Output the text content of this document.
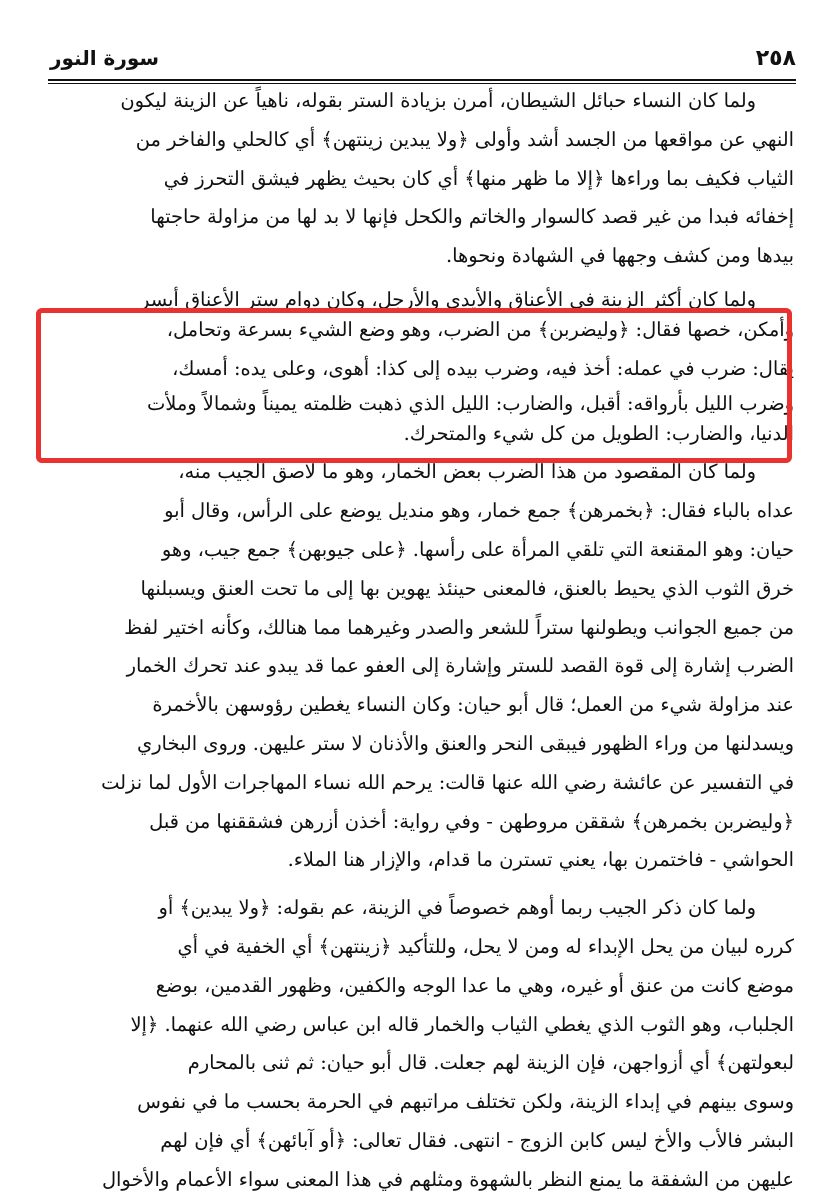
٢٥٨
سورة النور
ولما كان النساء حبائل الشيطان، أمرن بزيادة الستر بقوله، ناهياً عن الزينة ليكون
النهي عن مواقعها من الجسد أشد وأولى ﴿ولا يبدين زينتهن﴾ أي كالحلي والفاخر من
الثياب فكيف بما وراءها ﴿إلا ما ظهر منها﴾ أي كان بحيث يظهر فيشق التحرز في
إخفائه فبدا من غير قصد كالسوار والخاتم والكحل فإنها لا بد لها من مزاولة حاجتها
بيدها ومن كشف وجهها في الشهادة ونحوها.
ولما كان أكثر الزينة في الأعناق والأيدي والأرجل، وكان دوام ستر الأعناق أيسر
وأمكن، خصها فقال: ﴿وليضربن﴾ من الضرب، وهو وضع الشيء بسرعة وتحامل،
يقال: ضرب في عمله: أخذ فيه، وضرب بيده إلى كذا: أهوى، وعلى يده: أمسك،
وضرب الليل بأرواقه: أقبل، والضارب: الليل الذي ذهبت ظلمته يميناً وشمالاً وملأت
الدنيا، والضارب: الطويل من كل شيء والمتحرك.
ولما كان المقصود من هذا الضرب بعض الخمار، وهو ما لاصق الجيب منه،
عداه بالباء فقال: ﴿بخمرهن﴾ جمع خمار، وهو منديل يوضع على الرأس، وقال أبو
حيان: وهو المقنعة التي تلقي المرأة على رأسها. ﴿على جيوبهن﴾ جمع جيب، وهو
خرق الثوب الذي يحيط بالعنق، فالمعنى حينئذ يهوين بها إلى ما تحت العنق ويسبلنها
من جميع الجوانب ويطولنها ستراً للشعر والصدر وغيرهما مما هنالك، وكأنه اختير لفظ
الضرب إشارة إلى قوة القصد للستر وإشارة إلى العفو عما قد يبدو عند تحرك الخمار
عند مزاولة شيء من العمل؛ قال أبو حيان: وكان النساء يغطين رؤوسهن بالأخمرة
ويسدلنها من وراء الظهور فيبقى النحر والعنق والأذنان لا ستر عليهن. وروى البخاري
في التفسير عن عائشة رضي الله عنها قالت: يرحم الله نساء المهاجرات الأول لما نزلت
﴿وليضربن بخمرهن﴾ شققن مروطهن - وفي رواية: أخذن أزرهن فشققنها من قبل
الحواشي - فاختمرن بها، يعني تسترن ما قدام، والإزار هنا الملاء.
ولما كان ذكر الجيب ربما أوهم خصوصاً في الزينة، عم بقوله: ﴿ولا يبدين﴾ أو
كرره لبيان من يحل الإبداء له ومن لا يحل، وللتأكيد ﴿زينتهن﴾ أي الخفية في أي
موضع كانت من عنق أو غيره، وهي ما عدا الوجه والكفين، وظهور القدمين، بوضع
الجلباب، وهو الثوب الذي يغطي الثياب والخمار قاله ابن عباس رضي الله عنهما. ﴿إلا
لبعولتهن﴾ أي أزواجهن، فإن الزينة لهم جعلت. قال أبو حيان: ثم ثنى بالمحارم
وسوى بينهم في إبداء الزينة، ولكن تختلف مراتبهم في الحرمة بحسب ما في نفوس
البشر فالأب والأخ ليس كابن الزوج - انتهى. فقال تعالى: ﴿أو آبائهن﴾ أي فإن لهم
عليهن من الشفقة ما يمنع النظر بالشهوة ومثلهم في هذا المعنى سواء الأعمام والأخوال
